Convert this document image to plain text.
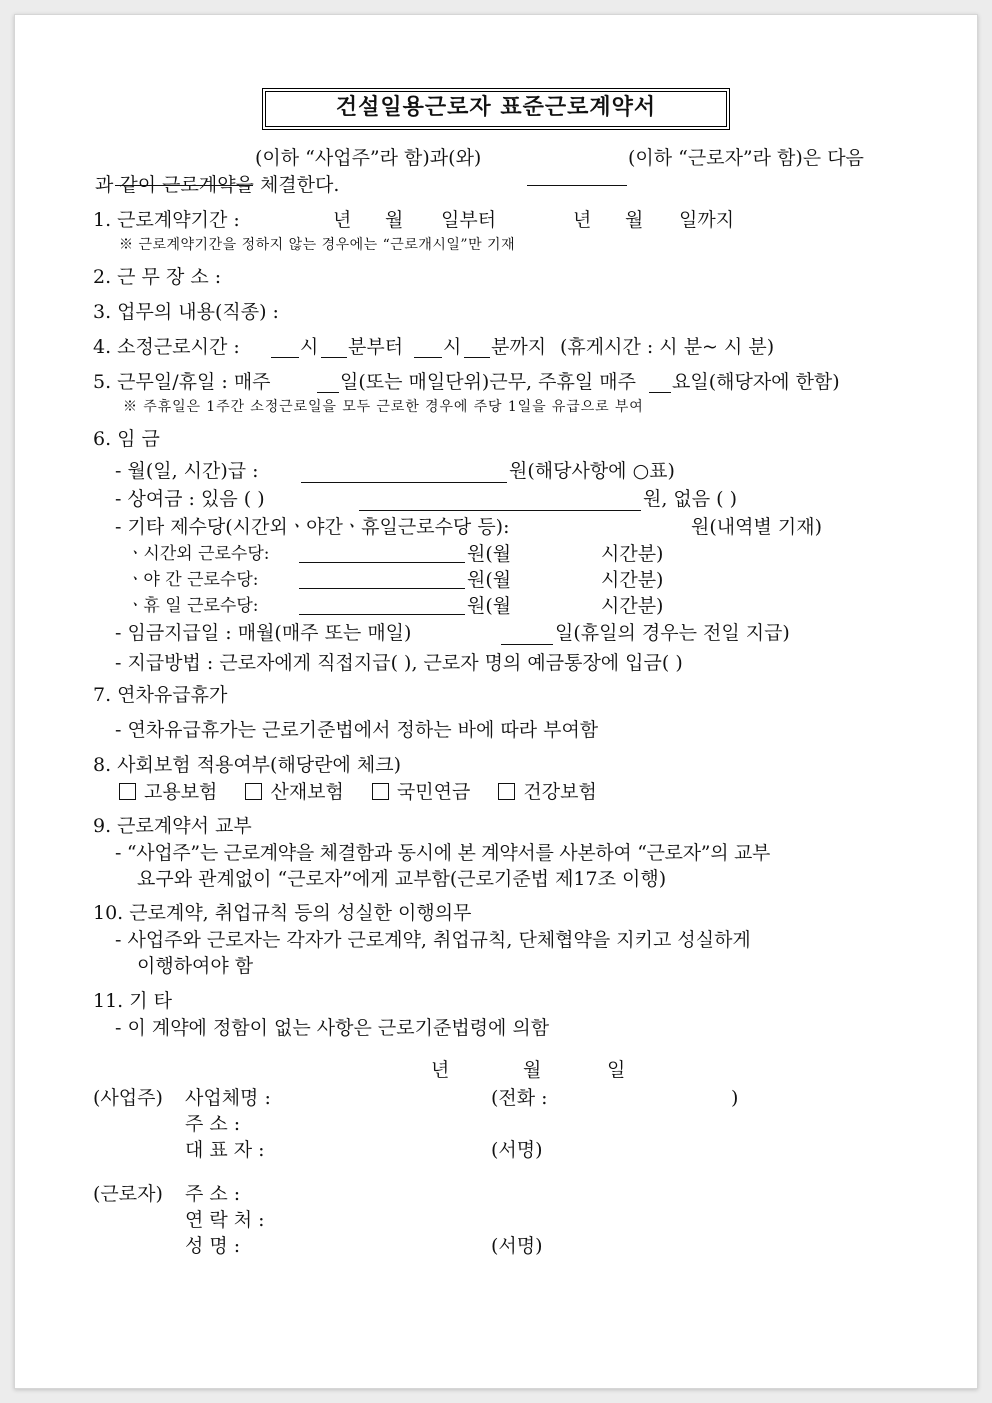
건설일용근로자 표준근로계약서
(이하 “사업주”라 함)과(와)	(이하 “근로자”라 함)은 다음
과 같이 근로계약을 체결한다.
1. 근로계약기간 :	년 월 일부터	년 월 일까지
※ 근로계약기간을 정하지 않는 경우에는 “근로개시일”만 기재
2. 근 무 장 소 :
3. 업무의 내용(직종) :
4. 소정근로시간 :	시 분부터 시 분까지 (휴게시간 : 시 분~ 시 분)
5. 근무일/휴일 : 매주	일(또는 매일단위)근무, 주휴일 매주 요일(해당자에 한함)
※ 주휴일은 1주간 소정근로일을 모두 근로한 경우에 주당 1일을 유급으로 부여
6. 임 금
- 월(일, 시간)급 :	원(해당사항에 ○표)
- 상여금 : 있음 ( )	원, 없음 ( )
- 기타 제수당(시간외ㆍ야간ㆍ휴일근로수당 등):	원(내역별 기재)
ㆍ시간외 근로수당:	원(월	시간분)
ㆍ야 간 근로수당:	원(월	시간분)
ㆍ휴 일 근로수당:	원(월	시간분)
- 임금지급일 : 매월(매주 또는 매일)	일(휴일의 경우는 전일 지급)
- 지급방법 : 근로자에게 직접지급( ), 근로자 명의 예금통장에 입금( )
7. 연차유급휴가
- 연차유급휴가는 근로기준법에서 정하는 바에 따라 부여함
8. 사회보험 적용여부(해당란에 체크)
고용보험	산재보험	국민연금	건강보험
9. 근로계약서 교부
- “사업주”는 근로계약을 체결함과 동시에 본 계약서를 사본하여 “근로자”의 교부
요구와 관계없이 “근로자”에게 교부함(근로기준법 제17조 이행)
10. 근로계약, 취업규칙 등의 성실한 이행의무
- 사업주와 근로자는 각자가 근로계약, 취업규칙, 단체협약을 지키고 성실하게
이행하여야 함
11. 기 타
- 이 계약에 정함이 없는 사항은 근로기준법령에 의함
년	월	일
(사업주) 사업체명 :	(전화 :	)
주 소 :
대 표 자 :	(서명)
(근로자) 주 소 :
연 락 처 :
성 명 :	(서명)
